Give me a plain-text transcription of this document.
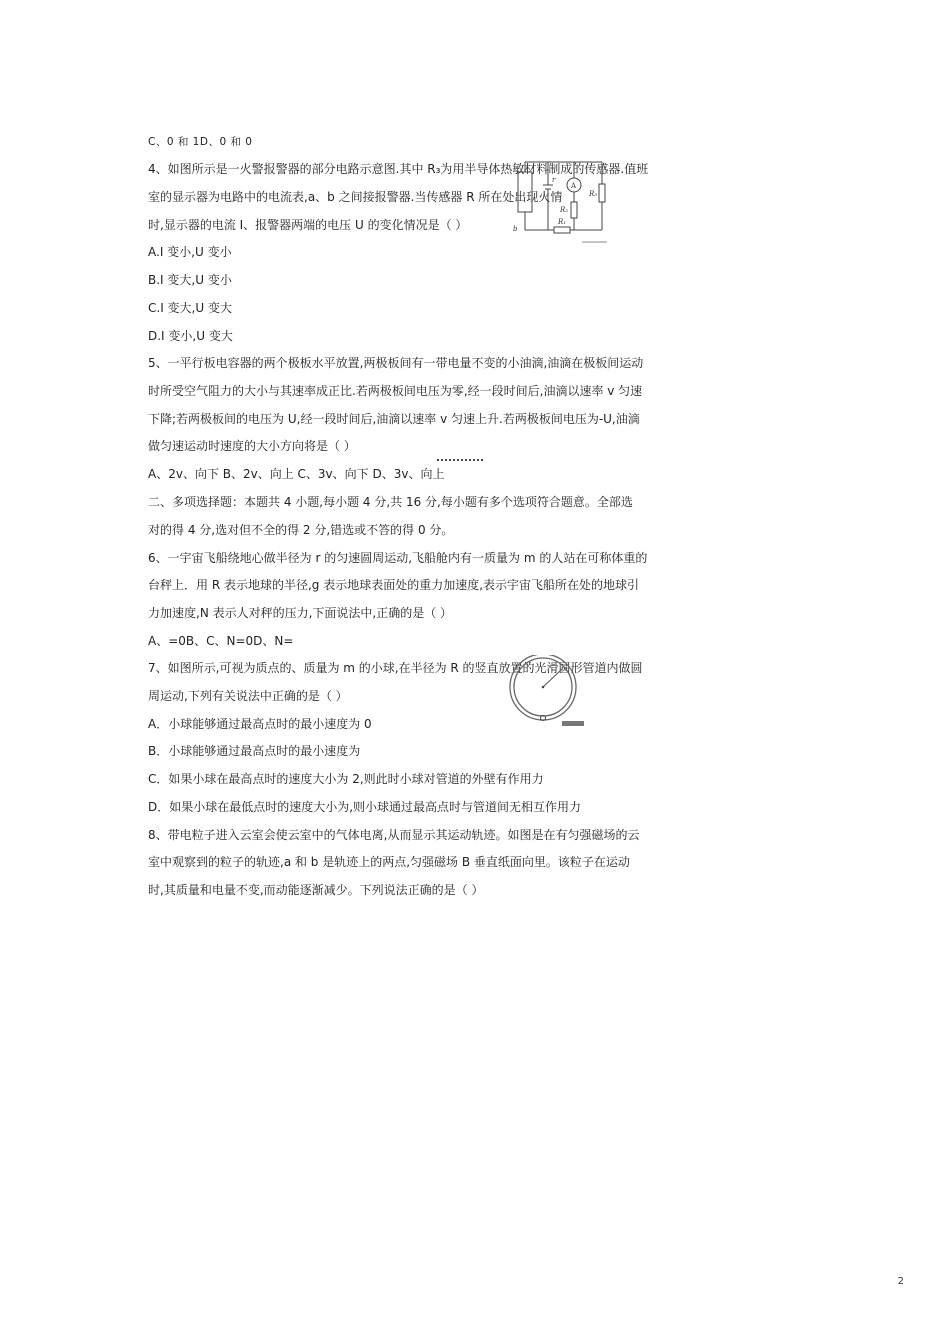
C、0 和 1D、0 和 0
4、如图所示是一火警报警器的部分电路示意图.其中 R₃为用半导体热敏材料制成的传感器.值班
室的显示器为电路中的电流表,a、b 之间接报警器.当传感器 R 所在处出现火情
时,显示器的电流 I、报警器两端的电压 U 的变化情况是（ ）
A.I 变小,U 变小
B.I 变大,U 变小
C.I 变大,U 变大
D.I 变小,U 变大
5、一平行板电容器的两个极板水平放置,两极板间有一带电量不变的小油滴,油滴在极板间运动
时所受空气阻力的大小与其速率成正比.若两极板间电压为零,经一段时间后,油滴以速率 v 匀速
下降;若两极板间的电压为 U,经一段时间后,油滴以速率 v 匀速上升.若两极板间电压为-U,油滴
做匀速运动时速度的大小方向将是（ ）
A、2v、向下 B、2v、向上 C、3v、向下 D、3v、向上
二、多项选择题：本题共 4 小题,每小题 4 分,共 16 分,每小题有多个选项符合题意。全部选
对的得 4 分,选对但不全的得 2 分,错选或不答的得 0 分。
6、一宇宙飞船绕地心做半径为 r 的匀速圆周运动,飞船舱内有一质量为 m 的人站在可称体重的
台秤上．用 R 表示地球的半径,g 表示地球表面处的重力加速度,表示宇宙飞船所在处的地球引
力加速度,N 表示人对秤的压力,下面说法中,正确的是（ ）
A、=0B、C、N=0D、N=
7、如图所示,可视为质点的、质量为 m 的小球,在半径为 R 的竖直放置的光滑圆形管道内做圆
周运动,下列有关说法中正确的是（ ）
A．小球能够通过最高点时的最小速度为 0
B．小球能够通过最高点时的最小速度为
C．如果小球在最高点时的速度大小为 2,则此时小球对管道的外壁有作用力
D．如果小球在最低点时的速度大小为,则小球通过最高点时与管道间无相互作用力
8、带电粒子进入云室会使云室中的气体电离,从而显示其运动轨迹。如图是在有匀强磁场的云
室中观察到的粒子的轨迹,a 和 b 是轨迹上的两点,匀强磁场 B 垂直纸面向里。该粒子在运动
时,其质量和电量不变,而动能逐渐减少。下列说法正确的是（ ）
A
R₃
R₂
R₁
r
b
2
